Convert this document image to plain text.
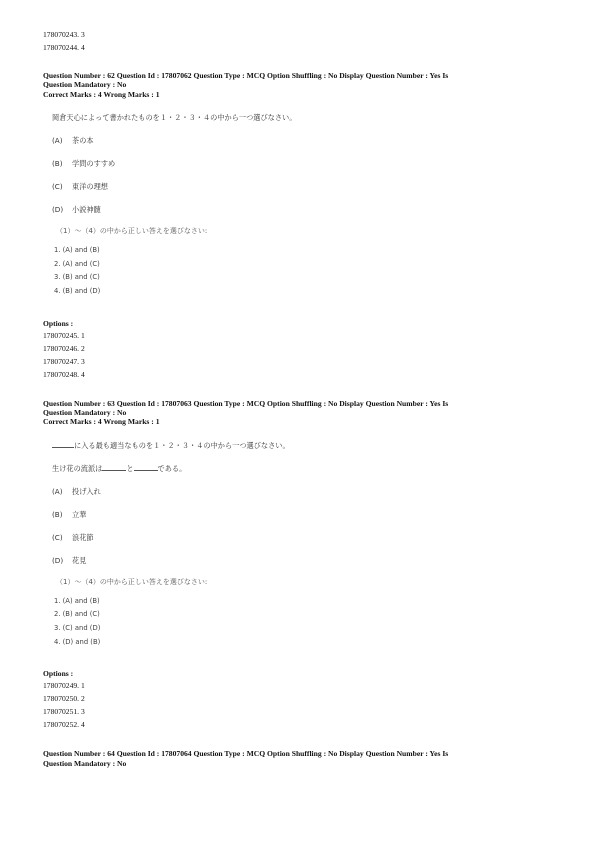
178070243. 3
178070244. 4
Question Number : 62 Question Id : 17807062 Question Type : MCQ Option Shuffling : No Display Question Number : Yes Is
Question Mandatory : No
Correct Marks : 4 Wrong Marks : 1
岡倉天心によって書かれたものを１・２・３・４の中から一つ選びなさい。
(A)	茶の本
(B)	学問のすすめ
(C)	東洋の理想
(D)	小説神髄
（1）～（4）の中から正しい答えを選びなさい:
1. (A) and (B)
2. (A) and (C)
3. (B) and (C)
4. (B) and (D)
Options :
178070245. 1
178070246. 2
178070247. 3
178070248. 4
Question Number : 63 Question Id : 17807063 Question Type : MCQ Option Shuffling : No Display Question Number : Yes Is
Question Mandatory : No
Correct Marks : 4 Wrong Marks : 1
に入る最も適当なものを１・２・３・４の中から一つ選びなさい。
生け花の流派は	と	である。
(A)	投げ入れ
(B)	立華
(C)	浪花節
(D)	花見
（1）～（4）の中から正しい答えを選びなさい:
1. (A) and (B)
2. (B) and (C)
3. (C) and (D)
4. (D) and (B)
Options :
178070249. 1
178070250. 2
178070251. 3
178070252. 4
Question Number : 64 Question Id : 17807064 Question Type : MCQ Option Shuffling : No Display Question Number : Yes Is
Question Mandatory : No
